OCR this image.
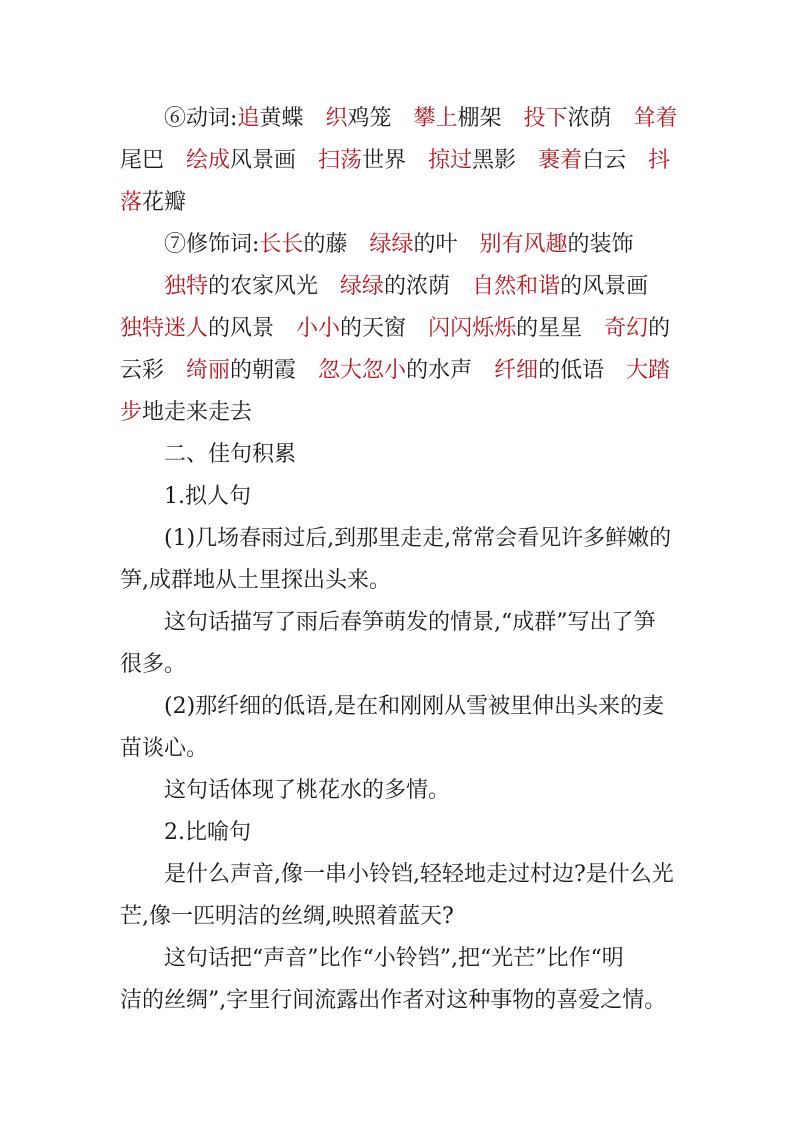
⑥动词:追黄蝶 织鸡笼 攀上棚架 投下浓荫 耸着
尾巴 绘成风景画 扫荡世界 掠过黑影 裹着白云 抖
落花瓣
⑦修饰词:长长的藤 绿绿的叶 别有风趣的装饰
独特的农家风光 绿绿的浓荫 自然和谐的风景画
独特迷人的风景 小小的天窗 闪闪烁烁的星星 奇幻的
云彩 绮丽的朝霞 忽大忽小的水声 纤细的低语 大踏
步地走来走去
二、佳句积累
1.拟人句
(1)几场春雨过后,到那里走走,常常会看见许多鲜嫩的
笋,成群地从土里探出头来。
这句话描写了雨后春笋萌发的情景,“成群”写出了笋
很多。
(2)那纤细的低语,是在和刚刚从雪被里伸出头来的麦
苗谈心。
这句话体现了桃花水的多情。
2.比喻句
是什么声音,像一串小铃铛,轻轻地走过村边?是什么光
芒,像一匹明洁的丝绸,映照着蓝天?
这句话把“声音”比作“小铃铛”,把“光芒”比作“明
洁的丝绸”,字里行间流露出作者对这种事物的喜爱之情。
